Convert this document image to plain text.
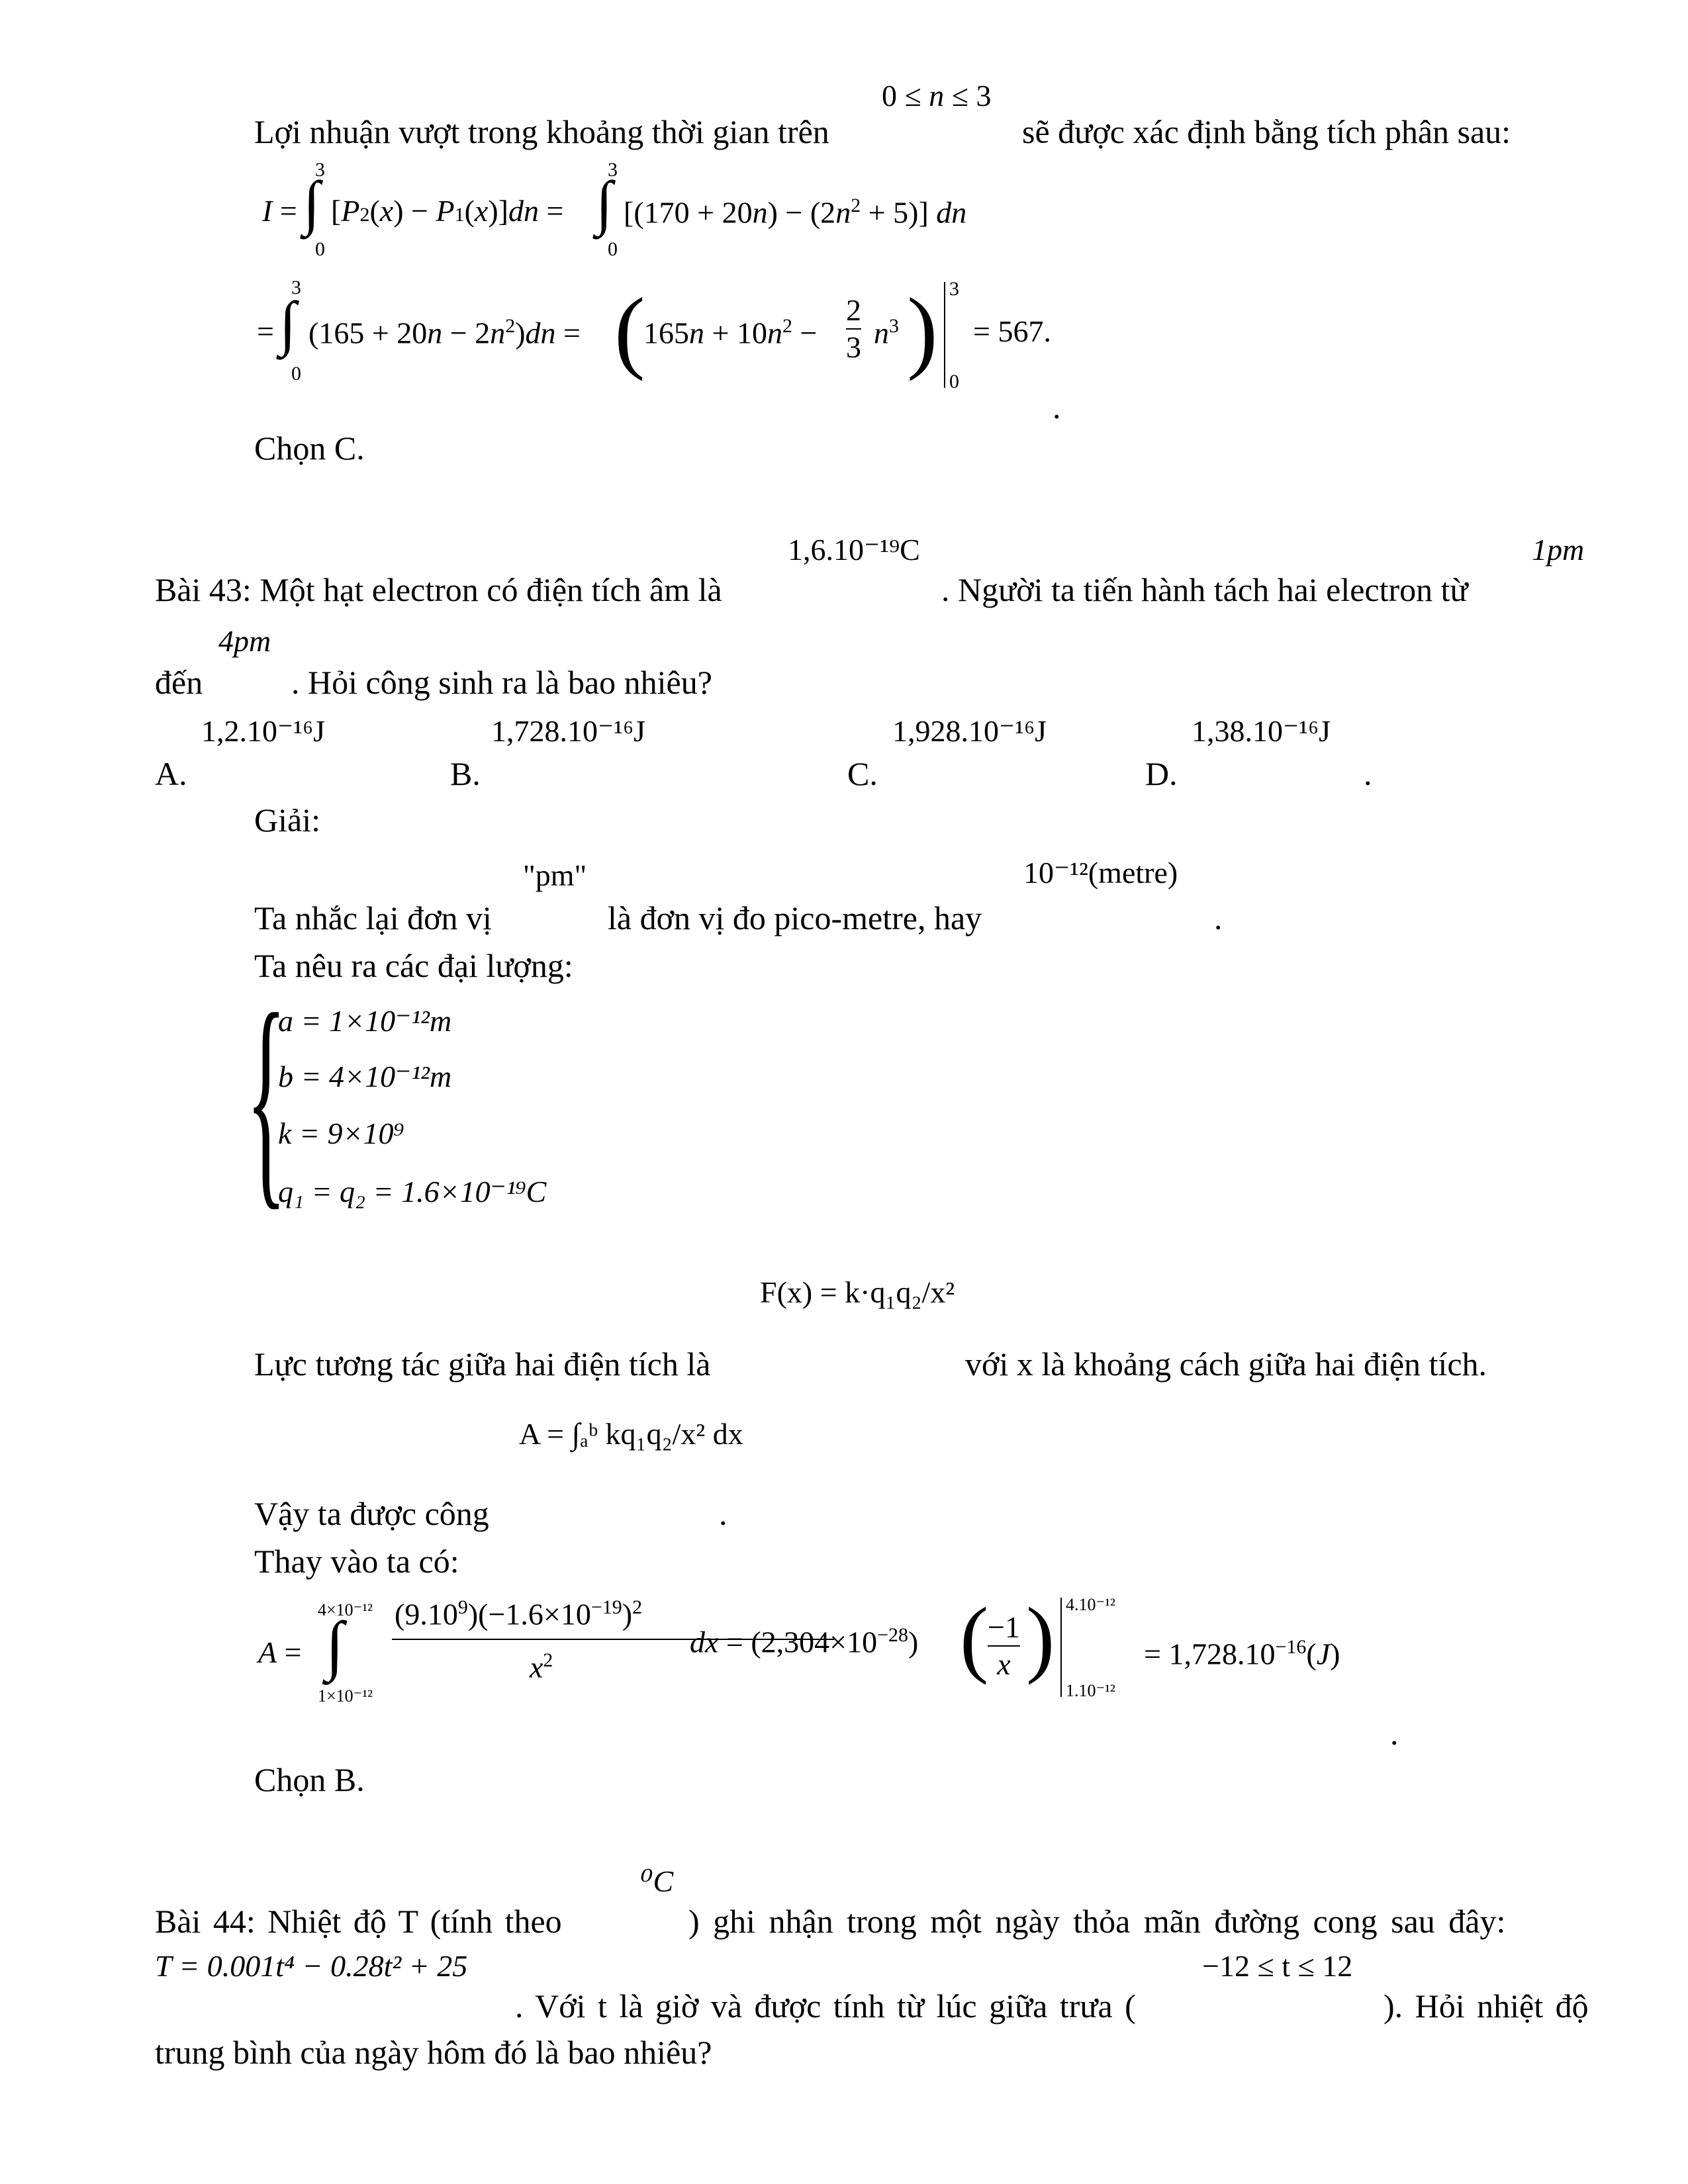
0 ≤ n ≤ 3
Lợi nhuận vượt trong khoảng thời gian trên	sẽ được xác định bằng tích phân sau:
I =
3
∫
0
[P2(x) − P1(x)]dn =
3
∫
0
$[(170 + 20n) - (2n^2 + 5)]$ dn
=
3
∫
0
$(165 + 20n - 2n^2)dn$ = (
$165n + 10n^2$ −
2
3 $n^3$ ) 3
0
= 567.
.
Chọn C.
1,6.10⁻¹⁹C	1pm
Bài 43: Một hạt electron có điện tích âm là	. Người ta tiến hành tách hai electron từ
4pm
đến	. Hỏi công sinh ra là bao nhiêu?
1,2.10⁻¹⁶J	1,728.10⁻¹⁶J	1,928.10⁻¹⁶J	1,38.10⁻¹⁶J
A.	B.	C.	D.	.
Giải:
"pm"	10⁻¹²(metre)
Ta nhắc lại đơn vị	là đơn vị đo pico-metre, hay	.
Ta nêu ra các đại lượng:
{
a = 1×10⁻¹²m
b = 4×10⁻¹²m
k = 9×10⁹
q₁ = q₂ = 1.6×10⁻¹⁹C
F(x) = k·q₁q₂/x²
Lực tương tác giữa hai điện tích là	với x là khoảng cách giữa hai điện tích.
A = ∫ₐᵇ kq₁q₂/x² dx
Vậy ta được công	.
Thay vào ta có:
A =
4×10⁻¹²
∫
1×10⁻¹²
$(9.10^9)(-1.6\times 10^{-19})^2$
$x^2$
dx = $(2,304\times 10^{-28})$ (
−1
x ) 4.10⁻¹²
1.10⁻¹²
= $1,728.10^{-16}(J)$
.
Chọn B.
⁰C
Bài 44: Nhiệt độ T (tính theo	) ghi nhận trong một ngày thỏa mãn đường cong sau đây:
T = 0.001t⁴ − 0.28t² + 25	−12 ≤ t ≤ 12
. Với t là giờ và được tính từ lúc giữa trưa (	). Hỏi nhiệt độ
trung bình của ngày hôm đó là bao nhiêu?
